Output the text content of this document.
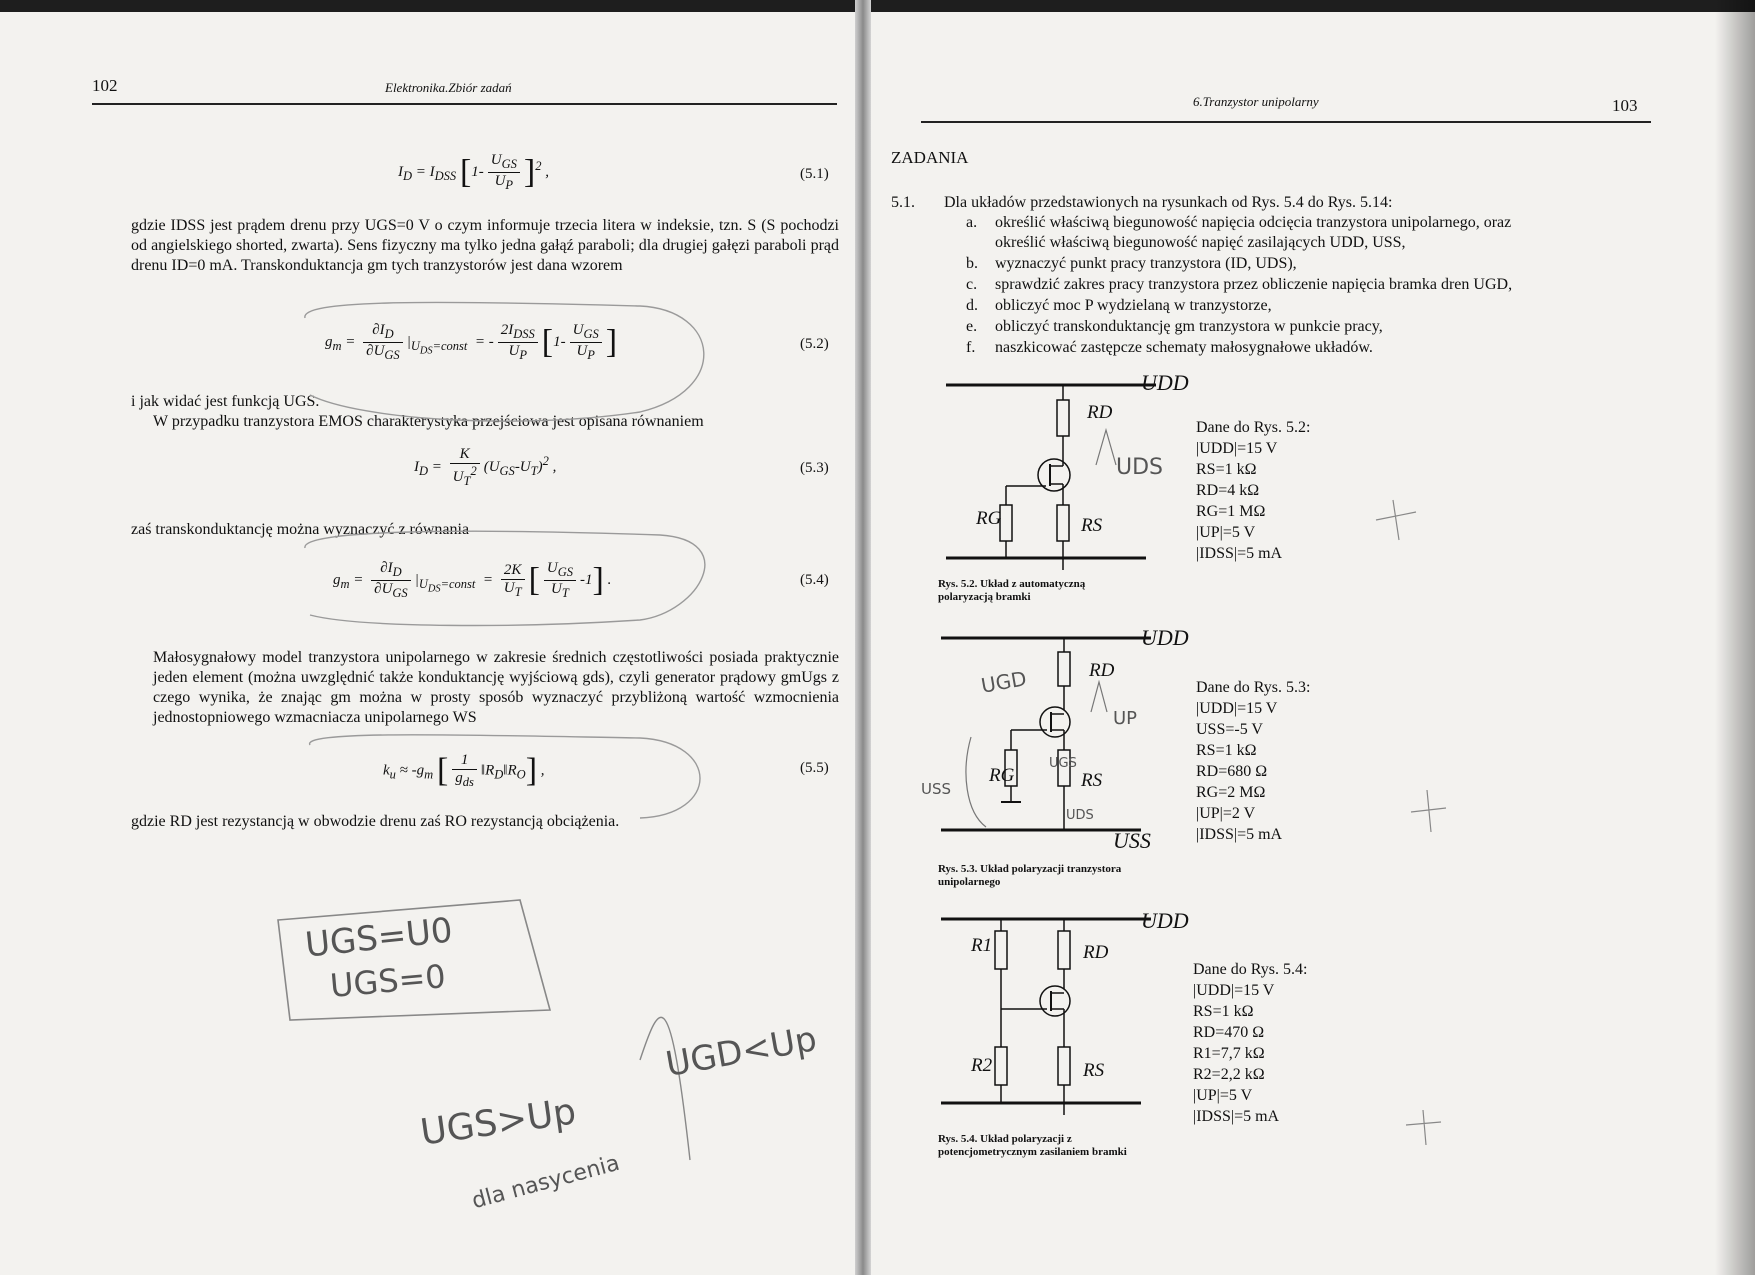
102	Elektronika.Zbiór zadań
$I_D = I_{DSS}$ $[1- \frac{U_{GS}}{U_P} ]^2$ ,	(5.1)
gdzie IDSS jest prądem drenu przy UGS=0 V o czym informuje trzecia litera w indeksie, tzn. S (S pochodzi od angielskiego shorted, zwarta). Sens fizyczny ma tylko jedna gałąź paraboli; dla drugiej gałęzi paraboli prąd drenu ID=0 mA. Transkonduktancja gm tych tranzystorów jest dana wzorem
$g_m = \frac{\partial I_D}{\partial U_{GS}} |_{U_{DS}=const}$  = - $\frac{2I_{DSS}}{U_P} [1- \frac{U_{GS}}{U_P}$ ]	(5.2)
i jak widać jest funkcją UGS.
W przypadku tranzystora EMOS charakterystyka przejściowa jest opisana równaniem
$I_D = \frac{K}{U_T^2} (U_{GS}-U_T)^2$ ,	(5.3)
zaś transkonduktancję można wyznaczyć z równania
$g_m = \frac{\partial I_D}{\partial U_{GS}} |_{U_{DS}=const} = \frac{2K}{U_T}$ [ $\frac{U_{GS}}{U_T} -1$] .	(5.4)
Małosygnałowy model tranzystora unipolarnego w zakresie średnich częstotliwości posiada praktycznie jeden element (można uwzględnić także konduktancję wyjściową gds), czyli generator prądowy gmUgs z czego wynika, że znając gm można w prosty sposób wyznaczyć przybliżoną wartość wzmocnienia jednostopniowego wzmacniacza unipolarnego WS
$k_u \approx -g_m$ [ $\frac{1}{g_{ds}}$ $‖R_D‖R_O$] ,	(5.5)
gdzie RD jest rezystancją w obwodzie drenu zaś RO rezystancją obciążenia.
UGS=U0
UGS=0
UGD<Up
UGS>Up
dla nasycenia
6.Tranzystor unipolarny	103
ZADANIA
5.1. Dla układów przedstawionych na rysunkach od Rys. 5.4 do Rys. 5.14:
a. określić właściwą biegunowość napięcia odcięcia tranzystora unipolarnego, oraz
określić właściwą biegunowość napięć zasilających UDD, USS,
b. wyznaczyć punkt pracy tranzystora (ID, UDS),
c. sprawdzić zakres pracy tranzystora przez obliczenie napięcia bramka dren UGD,
d. obliczyć moc P wydzielaną w tranzystorze,
e. obliczyć transkonduktancję gm tranzystora w punkcie pracy,
f. naszkicować zastępcze schematy małosygnałowe układów.
UDD
RD
RG	RS
UDS
Rys. 5.2. Układ z automatyczną polaryzacją bramki
Dane do Rys. 5.2:
|UDD|=15 V
RS=1 kΩ
RD=4 kΩ
RG=1 MΩ
|UP|=5 V
|IDSS|=5 mA
UDD
RD
RG	RS
USS
UGD
UP
UGS
USS
UDS
Rys. 5.3. Układ polaryzacji tranzystora unipolarnego
Dane do Rys. 5.3:
|UDD|=15 V
USS=-5 V
RS=1 kΩ
RD=680 Ω
RG=2 MΩ
|UP|=2 V
|IDSS|=5 mA
UDD
R1	RD
R2	RS
Rys. 5.4. Układ polaryzacji z potencjometrycznym zasilaniem bramki
Dane do Rys. 5.4:
|UDD|=15 V
RS=1 kΩ
RD=470 Ω
R1=7,7 kΩ
R2=2,2 kΩ
|UP|=5 V
|IDSS|=5 mA
